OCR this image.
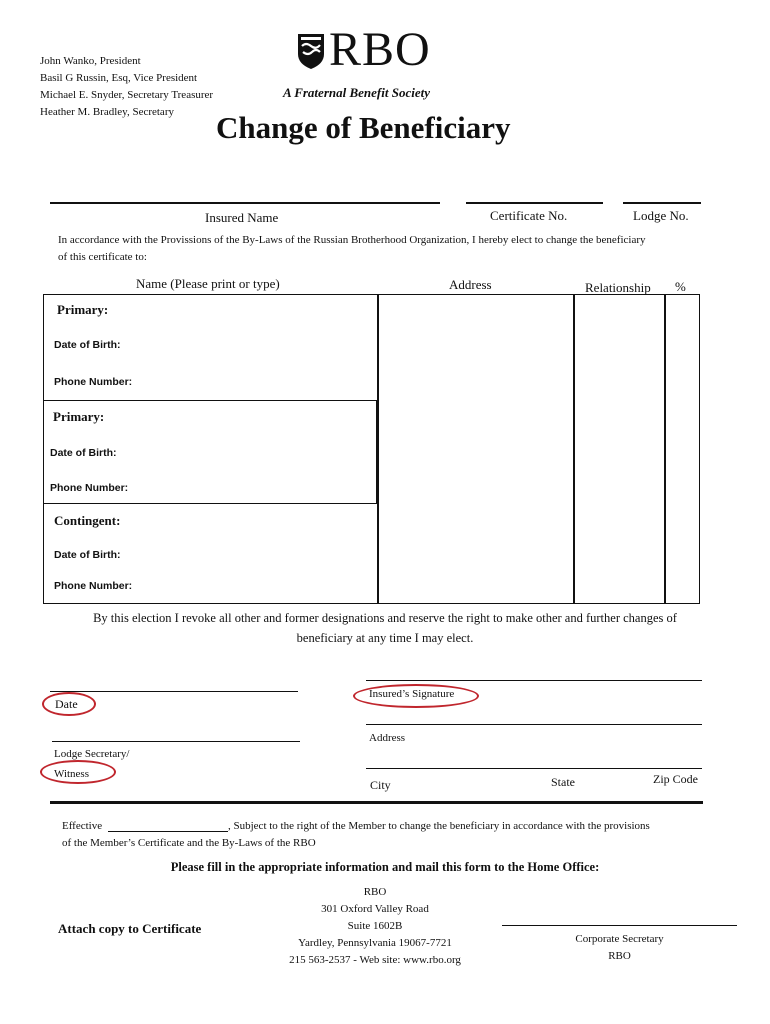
John Wanko, President
Basil G Russin, Esq, Vice President
Michael E. Snyder, Secretary Treasurer
Heather M. Bradley, Secretary
RBO
A Fraternal Benefit Society
Change of Beneficiary
Insured Name	Certificate No.	Lodge No.
In accordance with the Provissions of the By-Laws of the Russian Brotherhood Organization, I hereby elect to change the beneficiary
of this certificate to:
Name (Please print or type)	Address	Relationship %
Primary:
Date of Birth:
Phone Number:
Primary:
Date of Birth:
Phone Number:
Contingent:
Date of Birth:
Phone Number:
By this election I revoke all other and former designations and reserve the right to make other and further changes of
beneficiary at any time I may elect.
Date
Insured’s Signature
Address
Lodge Secretary/
Witness
City	State	Zip Code
Effective	, Subject to the right of the Member to change the beneficiary in accordance with the provisions
of the Member’s Certificate and the By-Laws of the RBO
Please fill in the appropriate information and mail this form to the Home Office:
Attach copy to Certificate
RBO
301 Oxford Valley Road
Suite 1602B
Yardley, Pennsylvania 19067-7721
215 563-2537 - Web site: www.rbo.org
Corporate Secretary
RBO
